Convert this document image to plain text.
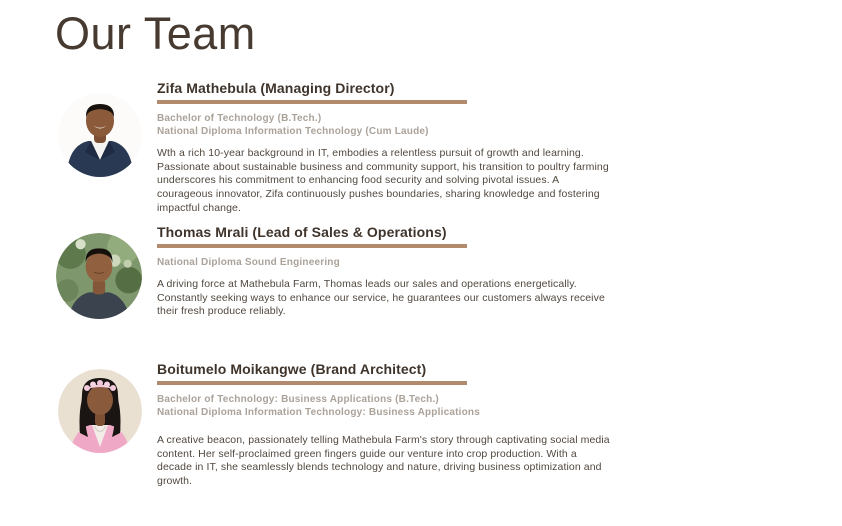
Our Team
Zifa Mathebula (Managing Director)
Bachelor of Technology (B.Tech.)
National Diploma Information Technology (Cum Laude)

Wth a rich 10-year background in IT, embodies a relentless pursuit of growth and learning. Passionate about sustainable business and community support, his transition to poultry farming underscores his commitment to enhancing food security and solving pivotal issues. A courageous innovator, Zifa continuously pushes boundaries, sharing knowledge and fostering impactful change.

Thomas Mrali (Lead of Sales & Operations)
National Diploma Sound Engineering

A driving force at Mathebula Farm, Thomas leads our sales and operations energetically. Constantly seeking ways to enhance our service, he guarantees our customers always receive their fresh produce reliably.

Boitumelo Moikangwe (Brand Architect)
Bachelor of Technology: Business Applications (B.Tech.)
National Diploma Information Technology: Business Applications

A creative beacon, passionately telling Mathebula Farm's story through captivating social media content. Her self-proclaimed green fingers guide our venture into crop production. With a decade in IT, she seamlessly blends technology and nature, driving business optimization and growth.
